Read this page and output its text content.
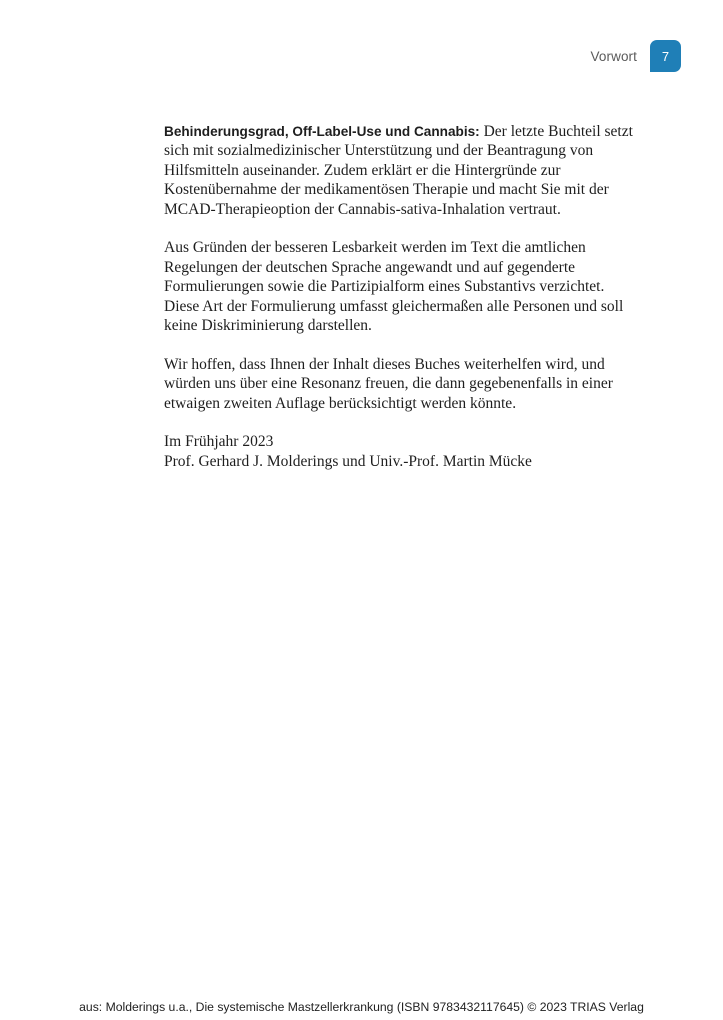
Vorwort 7

Behinderungsgrad, Off-Label-Use und Cannabis: Der letzte Buchteil setzt sich mit sozialmedizinischer Unterstützung und der Beantragung von Hilfsmitteln auseinander. Zudem erklärt er die Hintergründe zur Kostenübernahme der medikamentösen Therapie und macht Sie mit der MCAD-Therapieoption der Cannabis-sativa-Inhalation vertraut.

Aus Gründen der besseren Lesbarkeit werden im Text die amtlichen Regelungen der deutschen Sprache angewandt und auf gegenderte Formulierungen sowie die Partizipialform eines Substantivs verzichtet. Diese Art der Formulierung umfasst gleichermaßen alle Personen und soll keine Diskriminierung darstellen.

Wir hoffen, dass Ihnen der Inhalt dieses Buches weiterhelfen wird, und würden uns über eine Resonanz freuen, die dann gegebenenfalls in einer etwaigen zweiten Auflage berücksichtigt werden könnte.

Im Frühjahr 2023
Prof. Gerhard J. Molderings und Univ.-Prof. Martin Mücke

aus: Molderings u.a., Die systemische Mastzellerkrankung (ISBN 9783432117645) © 2023 TRIAS Verlag
